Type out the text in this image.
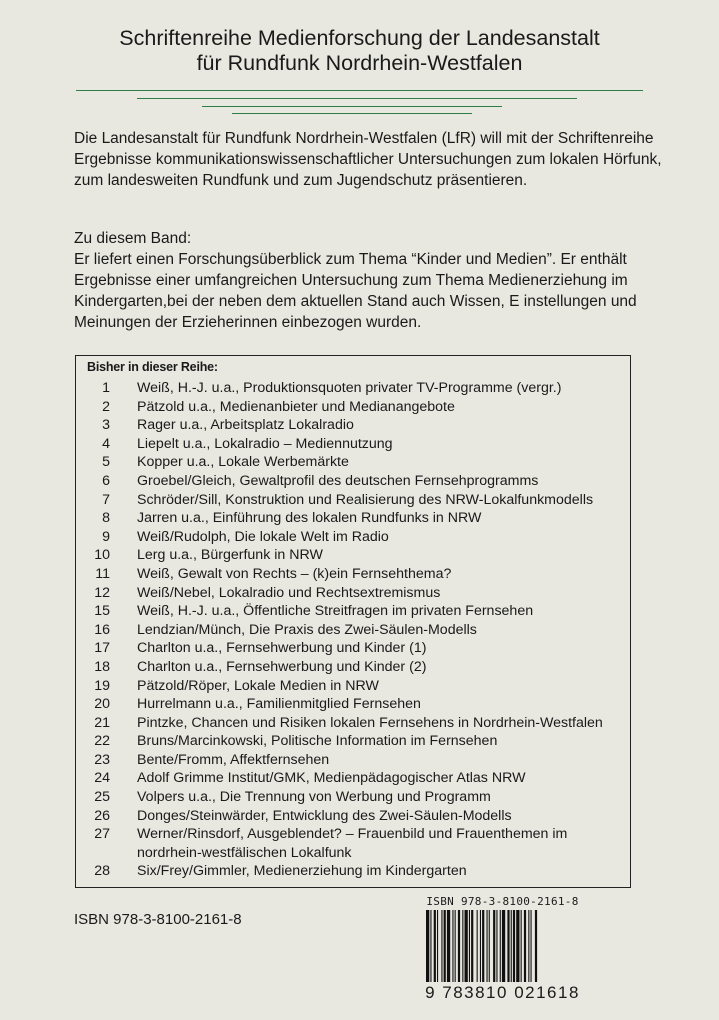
Schriftenreihe Medienforschung der Landesanstalt
für Rundfunk Nordrhein-Westfalen
Die Landesanstalt für Rundfunk Nordrhein-Westfalen (LfR) will mit der Schriftenreihe Ergebnisse kommunikationswissenschaftlicher Untersuchungen zum lokalen Hörfunk, zum landesweiten Rundfunk und zum Jugendschutz präsentieren.
Zu diesem Band:
Er liefert einen Forschungsüberblick zum Thema “Kinder und Medien”. Er enthält Ergebnisse einer umfangreichen Untersuchung zum Thema Medienerziehung im Kindergarten,bei der neben dem aktuellen Stand auch Wissen, E instellungen und Meinungen der Erzieherinnen einbezogen wurden.
Bisher in dieser Reihe:
1 Weiß, H.-J. u.a., Produktionsquoten privater TV-Programme (vergr.)
2 Pätzold u.a., Medienanbieter und Medianangebote
3 Rager u.a., Arbeitsplatz Lokalradio
4 Liepelt u.a., Lokalradio – Mediennutzung
5 Kopper u.a., Lokale Werbemärkte
6 Groebel/Gleich, Gewaltprofil des deutschen Fernsehprogramms
7 Schröder/Sill, Konstruktion und Realisierung des NRW-Lokalfunkmodells
8 Jarren u.a., Einführung des lokalen Rundfunks in NRW
9 Weiß/Rudolph, Die lokale Welt im Radio
10 Lerg u.a., Bürgerfunk in NRW
11 Weiß, Gewalt von Rechts – (k)ein Fernsehthema?
12 Weiß/Nebel, Lokalradio und Rechtsextremismus
15 Weiß, H.-J. u.a., Öffentliche Streitfragen im privaten Fernsehen
16 Lendzian/Münch, Die Praxis des Zwei-Säulen-Modells
17 Charlton u.a., Fernsehwerbung und Kinder (1)
18 Charlton u.a., Fernsehwerbung und Kinder (2)
19 Pätzold/Röper, Lokale Medien in NRW
20 Hurrelmann u.a., Familienmitglied Fernsehen
21 Pintzke, Chancen und Risiken lokalen Fernsehens in Nordrhein-Westfalen
22 Bruns/Marcinkowski, Politische Information im Fernsehen
23 Bente/Fromm, Affektfernsehen
24 Adolf Grimme Institut/GMK, Medienpädagogischer Atlas NRW
25 Volpers u.a., Die Trennung von Werbung und Programm
26 Donges/Steinwärder, Entwicklung des Zwei-Säulen-Modells
27 Werner/Rinsdorf, Ausgeblendet? – Frauenbild und Frauenthemen im nordrhein-westfälischen Lokalfunk
28 Six/Frey/Gimmler, Medienerziehung im Kindergarten
ISBN 978-3-8100-2161-8
ISBN 978-3-8100-2161-8
9 783810 021618
